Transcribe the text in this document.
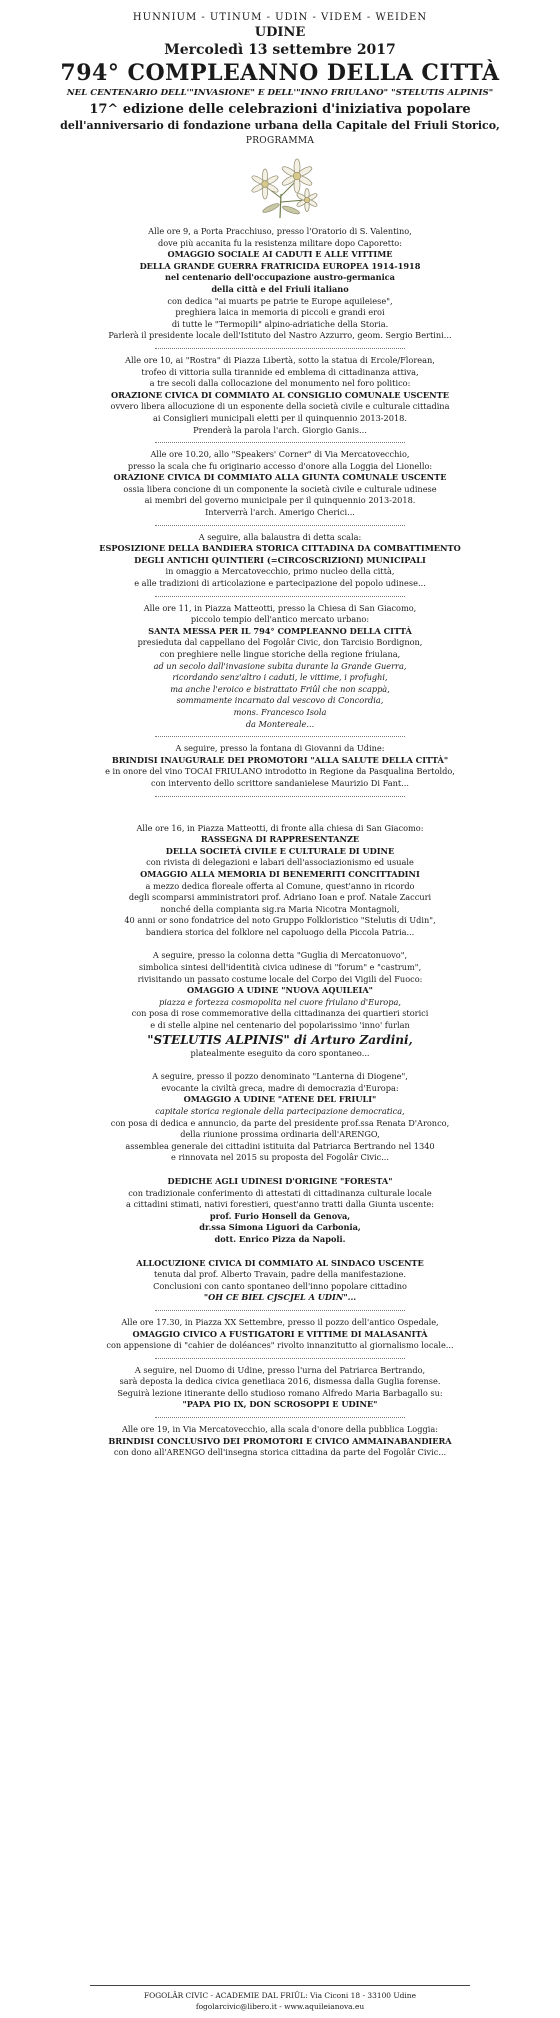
HUNNIUM - UTINUM - UDIN - VIDEM - WEIDEN
UDINE
Mercoledì 13 settembre 2017
794° COMPLEANNO DELLA CITTÀ
NEL CENTENARIO DELL'"INVASIONE" E DELL'"INNO FRIULANO" "STELUTIS ALPINIS"
17^ edizione delle celebrazioni d'iniziativa popolare
dell'anniversario di fondazione urbana della Capitale del Friuli Storico,
PROGRAMMA
Alle ore 9, a Porta Pracchiuso, presso l'Oratorio di S. Valentino,
dove più accanita fu la resistenza militare dopo Caporetto:
OMAGGIO SOCIALE AI CADUTI E ALLE VITTIME
DELLA GRANDE GUERRA FRATRICIDA EUROPEA 1914-1918
nel centenario dell'occupazione austro-germanica
della città e del Friuli italiano
con dedica "ai muarts pe patrie te Europe aquileiese",
preghiera laica in memoria di piccoli e grandi eroi
di tutte le "Termopili" alpino-adriatiche della Storia.
Parlerà il presidente locale dell'Istituto del Nastro Azzurro, geom. Sergio Bertini...
Alle ore 10, ai "Rostra" di Piazza Libertà, sotto la statua di Ercole/Florean,
trofeo di vittoria sulla tirannide ed emblema di cittadinanza attiva,
a tre secoli dalla collocazione del monumento nel foro politico:
ORAZIONE CIVICA DI COMMIATO AL CONSIGLIO COMUNALE USCENTE
ovvero libera allocuzione di un esponente della società civile e culturale cittadina
ai Consiglieri municipali eletti per il quinquennio 2013-2018.
Prenderà la parola l'arch. Giorgio Ganis...
Alle ore 10.20, allo "Speakers' Corner" di Via Mercatovecchio,
presso la scala che fu originario accesso d'onore alla Loggia del Lionello:
ORAZIONE CIVICA DI COMMIATO ALLA GIUNTA COMUNALE USCENTE
ossia libera concione di un componente la società civile e culturale udinese
ai membri del governo municipale per il quinquennio 2013-2018.
Interverrà l'arch. Amerigo Cherici...
A seguire, alla balaustra di detta scala:
ESPOSIZIONE DELLA BANDIERA STORICA CITTADINA DA COMBATTIMENTO
DEGLI ANTICHI QUINTIERI (=CIRCOSCRIZIONI) MUNICIPALI
in omaggio a Mercatovecchio, primo nucleo della città,
e alle tradizioni di articolazione e partecipazione del popolo udinese...
Alle ore 11, in Piazza Matteotti, presso la Chiesa di San Giacomo,
piccolo tempio dell'antico mercato urbano:
SANTA MESSA PER IL 794° COMPLEANNO DELLA CITTÀ
presieduta dal cappellano del Fogolâr Civic, don Tarcisio Bordignon,
con preghiere nelle lingue storiche della regione friulana,
ad un secolo dall'invasione subita durante la Grande Guerra,
ricordando senz'altro i caduti, le vittime, i profughi,
ma anche l'eroico e bistrattato Friûl che non scappà,
sommamente incarnato dal vescovo di Concordia,
mons. Francesco Isola
da Montereale...
A seguire, presso la fontana di Giovanni da Udine:
BRINDISI INAUGURALE DEI PROMOTORI "ALLA SALUTE DELLA CITTÀ"
e in onore del vino TOCAI FRIULANO introdotto in Regione da Pasqualina Bertoldo,
con intervento dello scrittore sandanielese Maurizio Di Fant...
Alle ore 16, in Piazza Matteotti, di fronte alla chiesa di San Giacomo:
RASSEGNA DI RAPPRESENTANZE
DELLA SOCIETÀ CIVILE E CULTURALE DI UDINE
con rivista di delegazioni e labari dell'associazionismo ed usuale
OMAGGIO ALLA MEMORIA DI BENEMERITI CONCITTADINI
a mezzo dedica floreale offerta al Comune, quest'anno in ricordo
degli scomparsi amministratori prof. Adriano Ioan e prof. Natale Zaccuri
nonché della compianta sig.ra Maria Nicotra Montagnoli,
40 anni or sono fondatrice del noto Gruppo Folkloristico "Stelutis di Udin",
bandiera storica del folklore nel capoluogo della Piccola Patria...
A seguire, presso la colonna detta "Guglia di Mercatonuovo",
simbolica sintesi dell'identità civica udinese di "forum" e "castrum",
rivisitando un passato costume locale del Corpo dei Vigili del Fuoco:
OMAGGIO A UDINE "NUOVA AQUILEIA"
piazza e fortezza cosmopolita nel cuore friulano d'Europa,
con posa di rose commemorative della cittadinanza dei quartieri storici
e di stelle alpine nel centenario del popolarissimo 'inno' furlan
"STELUTIS ALPINIS" di Arturo Zardini,
platealmente eseguito da coro spontaneo...
A seguire, presso il pozzo denominato "Lanterna di Diogene",
evocante la civiltà greca, madre di democrazia d'Europa:
OMAGGIO A UDINE "ATENE DEL FRIULI"
capitale storica regionale della partecipazione democratica,
con posa di dedica e annuncio, da parte del presidente prof.ssa Renata D'Aronco,
della riunione prossima ordinaria dell'ARENGO,
assemblea generale dei cittadini istituita dal Patriarca Bertrando nel 1340
e rinnovata nel 2015 su proposta del Fogolâr Civic...
DEDICHE AGLI UDINESI D'ORIGINE "FORESTA"
con tradizionale conferimento di attestati di cittadinanza culturale locale
a cittadini stimati, nativi forestieri, quest'anno tratti dalla Giunta uscente:
prof. Furio Honsell da Genova,
dr.ssa Simona Liguori da Carbonia,
dott. Enrico Pizza da Napoli.
ALLOCUZIONE CIVICA DI COMMIATO AL SINDACO USCENTE
tenuta dal prof. Alberto Travain, padre della manifestazione.
Conclusioni con canto spontaneo dell'inno popolare cittadino
"OH CE BIEL CJSCJEL A UDIN"...
Alle ore 17.30, in Piazza XX Settembre, presso il pozzo dell'antico Ospedale,
OMAGGIO CIVICO A FUSTIGATORI E VITTIME DI MALASANITÀ
con appensione di "cahier de doléances" rivolto innanzitutto al giornalismo locale...
A seguire, nel Duomo di Udine, presso l'urna del Patriarca Bertrando,
sarà deposta la dedica civica genetliaca 2016, dismessa dalla Guglia forense.
Seguirà lezione itinerante dello studioso romano Alfredo Maria Barbagallo su:
"PAPA PIO IX, DON SCROSOPPI E UDINE"
Alle ore 19, in Via Mercatovecchio, alla scala d'onore della pubblica Loggia:
BRINDISI CONCLUSIVO DEI PROMOTORI E CIVICO AMMAINABANDIERA
con dono all'ARENGO dell'insegna storica cittadina da parte del Fogolâr Civic...
FOGOLÂR CIVIC - ACADEMIE DAL FRIÛL: Via Ciconi 18 - 33100 Udine
fogolarcivic@libero.it - www.aquileianova.eu
